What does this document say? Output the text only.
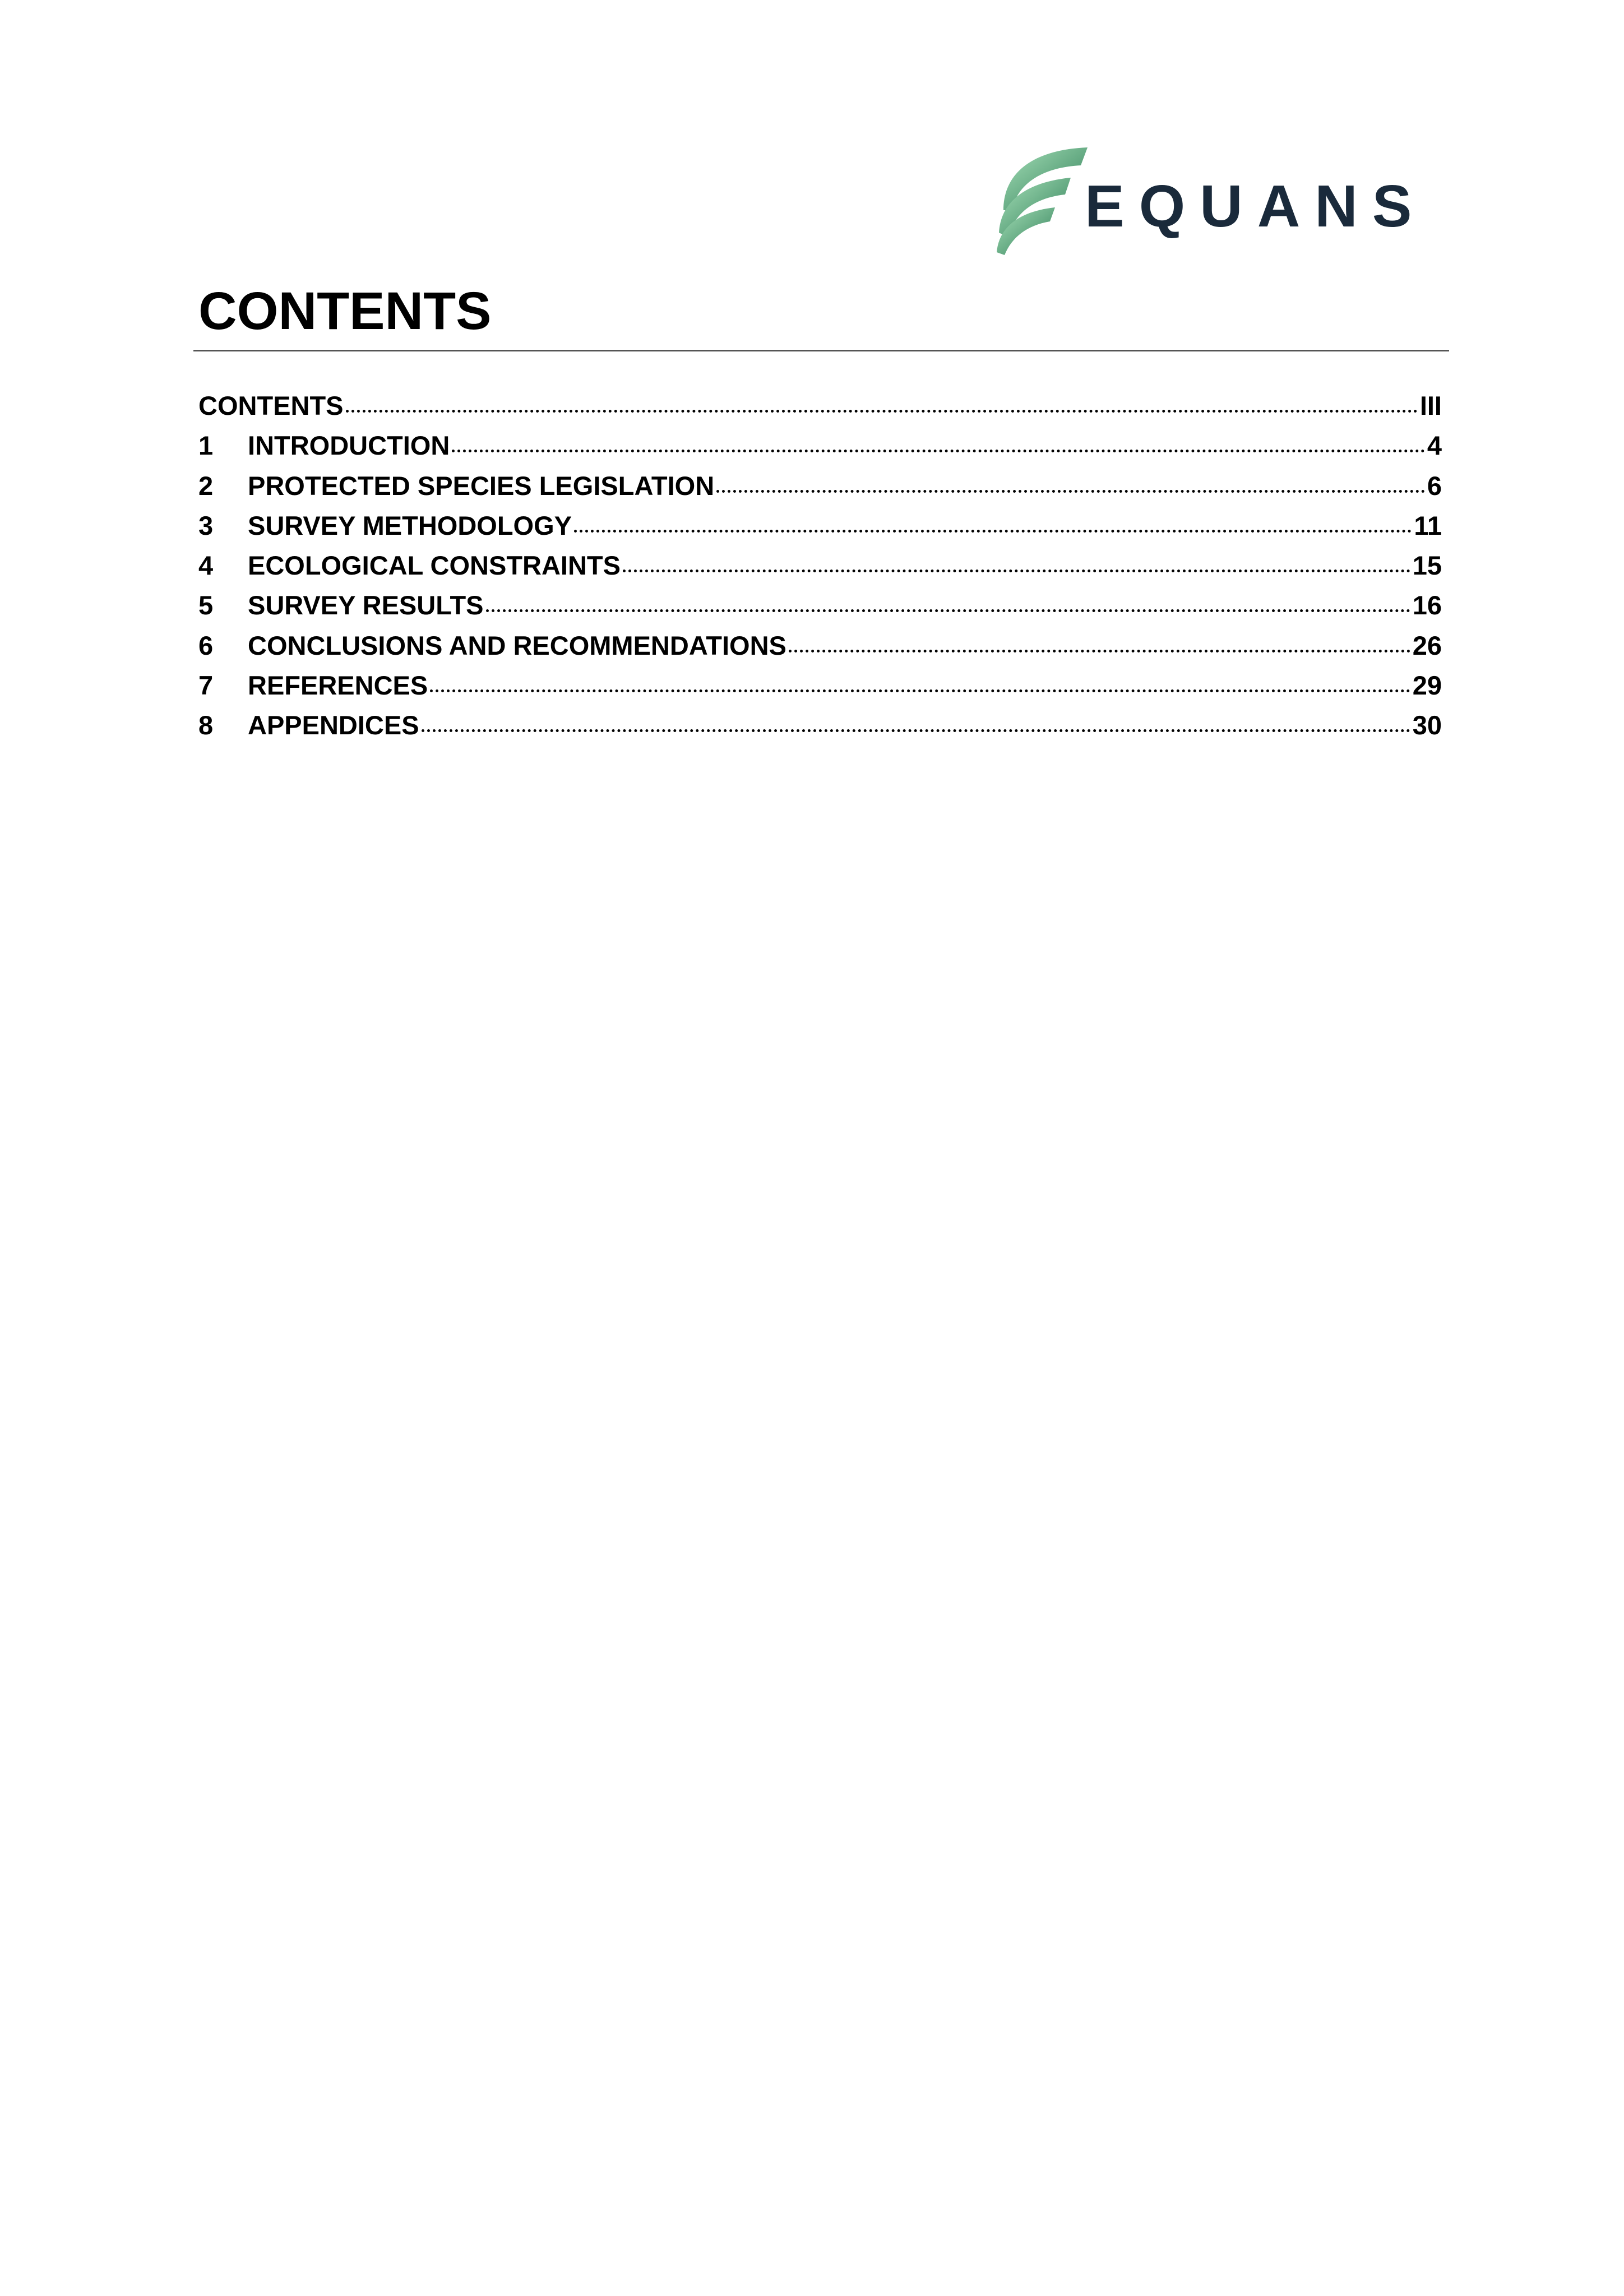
EQUANS
CONTENTS
CONTENTS	III
1	INTRODUCTION	4
2	PROTECTED SPECIES LEGISLATION	6
3	SURVEY METHODOLOGY	11
4	ECOLOGICAL CONSTRAINTS	15
5	SURVEY RESULTS	16
6	CONCLUSIONS AND RECOMMENDATIONS	26
7	REFERENCES	29
8	APPENDICES	30
